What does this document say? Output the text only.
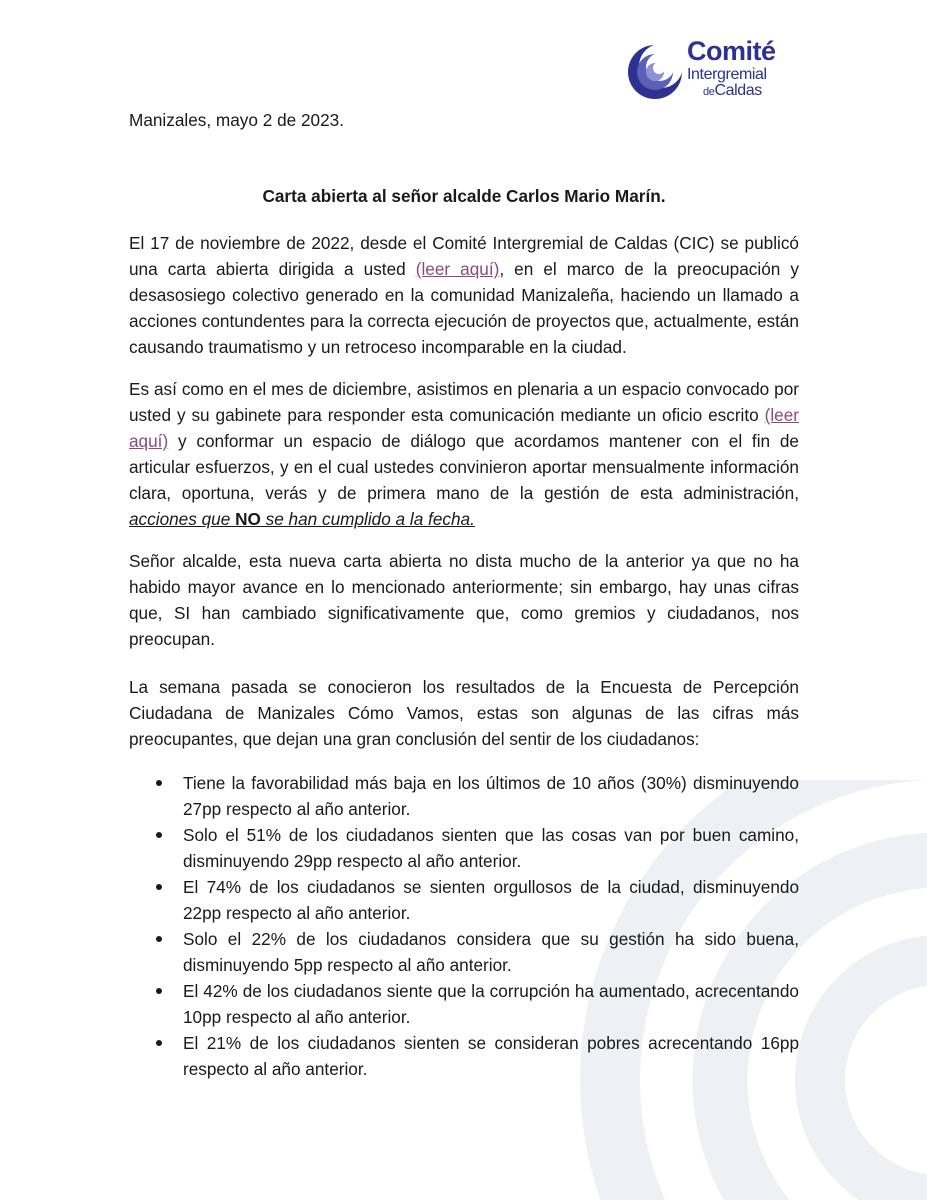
Comité
Intergremial
deCaldas
Manizales, mayo 2 de 2023.
Carta abierta al señor alcalde Carlos Mario Marín.

El 17 de noviembre de 2022, desde el Comité Intergremial de Caldas (CIC) se publicó una carta abierta dirigida a usted (leer aquí), en el marco de la preocupación y desasosiego colectivo generado en la comunidad Manizaleña, haciendo un llamado a acciones contundentes para la correcta ejecución de proyectos que, actualmente, están causando traumatismo y un retroceso incomparable en la ciudad.

Es así como en el mes de diciembre, asistimos en plenaria a un espacio convocado por usted y su gabinete para responder esta comunicación mediante un oficio escrito (leer aquí) y conformar un espacio de diálogo que acordamos mantener con el fin de articular esfuerzos, y en el cual ustedes convinieron aportar mensualmente información clara, oportuna, verás y de primera mano de la gestión de esta administración, acciones que NO se han cumplido a la fecha.

Señor alcalde, esta nueva carta abierta no dista mucho de la anterior ya que no ha habido mayor avance en lo mencionado anteriormente; sin embargo, hay unas cifras que, SI han cambiado significativamente que, como gremios y ciudadanos, nos preocupan.

La semana pasada se conocieron los resultados de la Encuesta de Percepción Ciudadana de Manizales Cómo Vamos, estas son algunas de las cifras más preocupantes, que dejan una gran conclusión del sentir de los ciudadanos:

Tiene la favorabilidad más baja en los últimos de 10 años (30%) disminuyendo 27pp respecto al año anterior.
Solo el 51% de los ciudadanos sienten que las cosas van por buen camino, disminuyendo 29pp respecto al año anterior.
El 74% de los ciudadanos se sienten orgullosos de la ciudad, disminuyendo 22pp respecto al año anterior.
Solo el 22% de los ciudadanos considera que su gestión ha sido buena, disminuyendo 5pp respecto al año anterior.
El 42% de los ciudadanos siente que la corrupción ha aumentado, acrecentando 10pp respecto al año anterior.
El 21% de los ciudadanos sienten se consideran pobres acrecentando 16pp respecto al año anterior.
